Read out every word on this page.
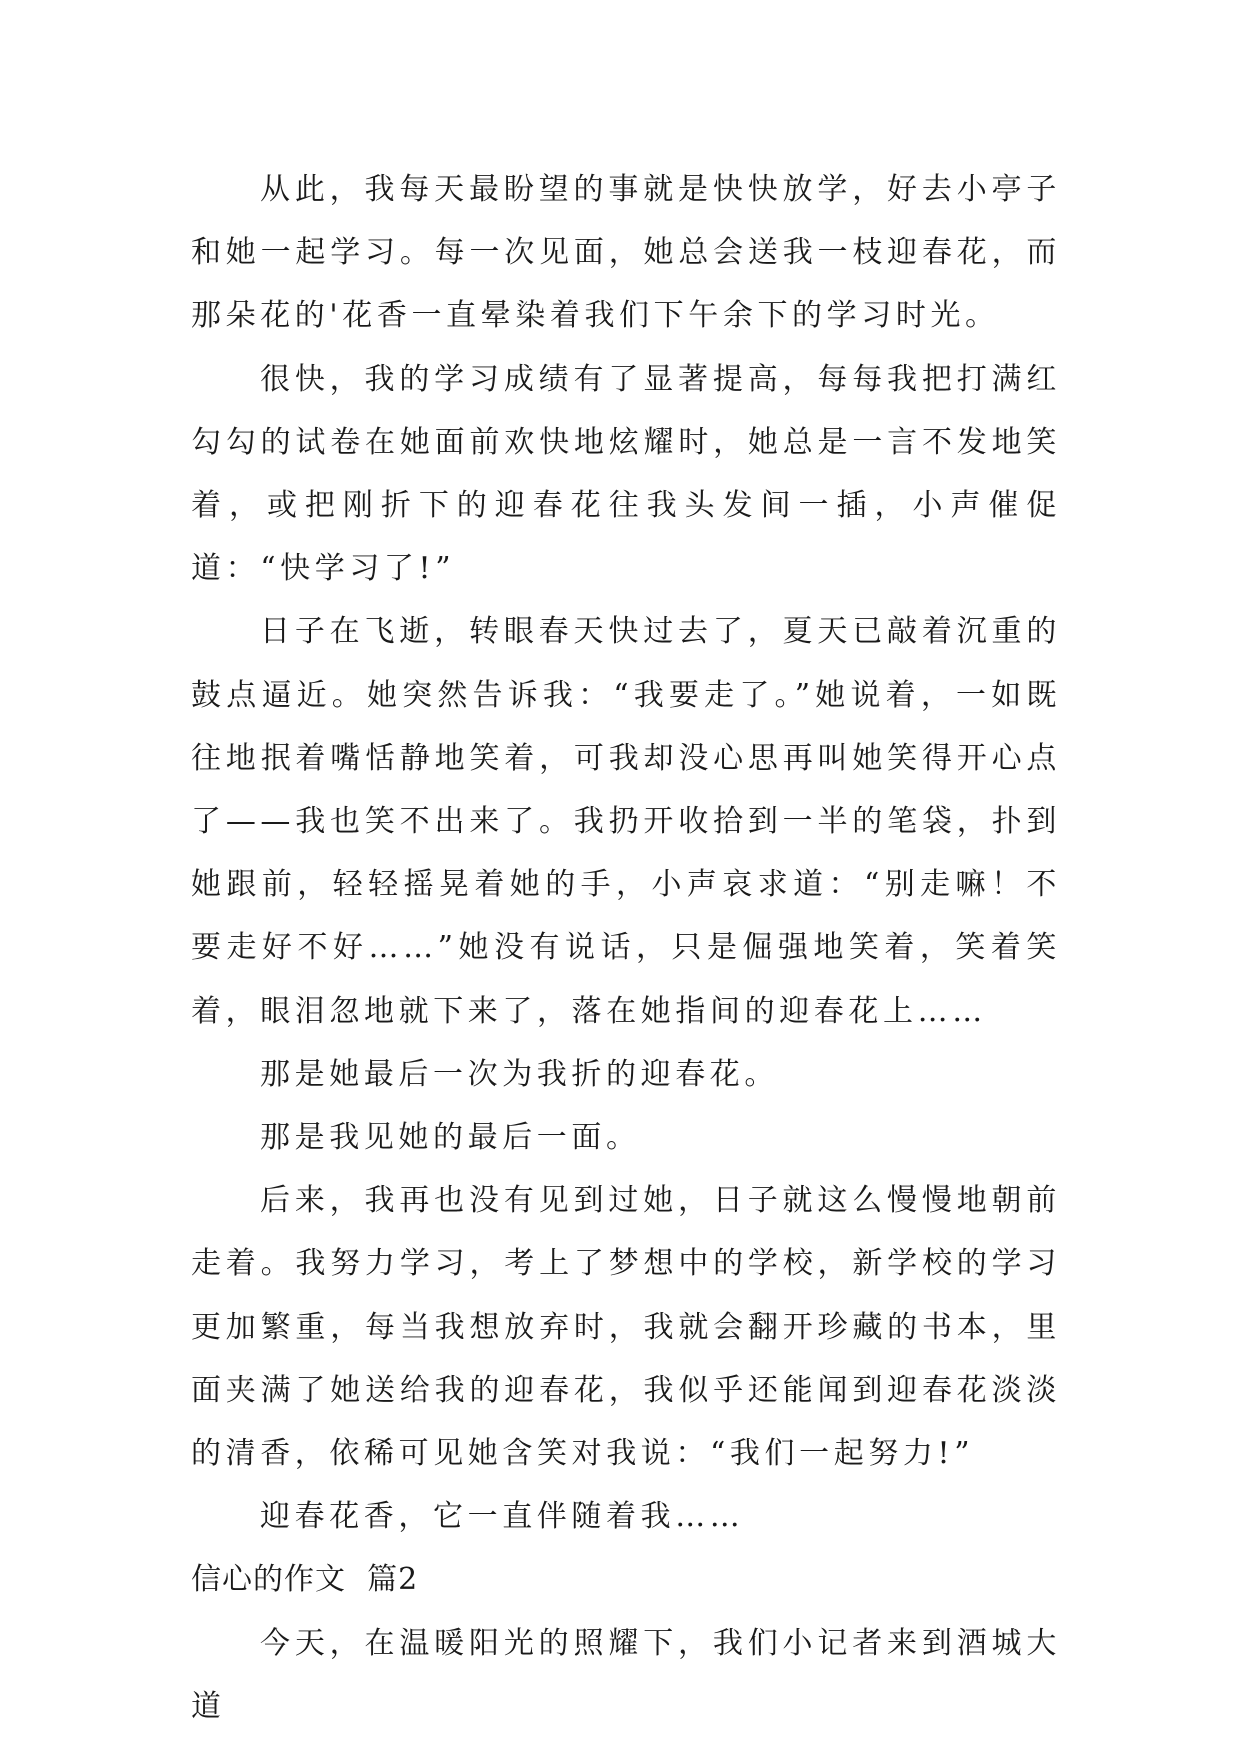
从此，我每天最盼望的事就是快快放学，好去小亭子和她一起学习。每一次见面，她总会送我一枝迎春花，而那朵花的'花香一直晕染着我们下午余下的学习时光。

很快，我的学习成绩有了显著提高，每每我把打满红勾勾的试卷在她面前欢快地炫耀时，她总是一言不发地笑着，或把刚折下的迎春花往我头发间一插，小声催促道：“快学习了!”

日子在飞逝，转眼春天快过去了，夏天已敲着沉重的鼓点逼近。她突然告诉我：“我要走了。”她说着，一如既往地抿着嘴恬静地笑着，可我却没心思再叫她笑得开心点了——我也笑不出来了。我扔开收拾到一半的笔袋，扑到她跟前，轻轻摇晃着她的手，小声哀求道：“别走嘛！不要走好不好……”她没有说话，只是倔强地笑着，笑着笑着，眼泪忽地就下来了，落在她指间的迎春花上……

那是她最后一次为我折的迎春花。

那是我见她的最后一面。

后来，我再也没有见到过她，日子就这么慢慢地朝前走着。我努力学习，考上了梦想中的学校，新学校的学习更加繁重，每当我想放弃时，我就会翻开珍藏的书本，里面夹满了她送给我的迎春花，我似乎还能闻到迎春花淡淡的清香，依稀可见她含笑对我说：“我们一起努力!”

迎春花香，它一直伴随着我……

信心的作文  篇2

今天，在温暖阳光的照耀下，我们小记者来到酒城大道
